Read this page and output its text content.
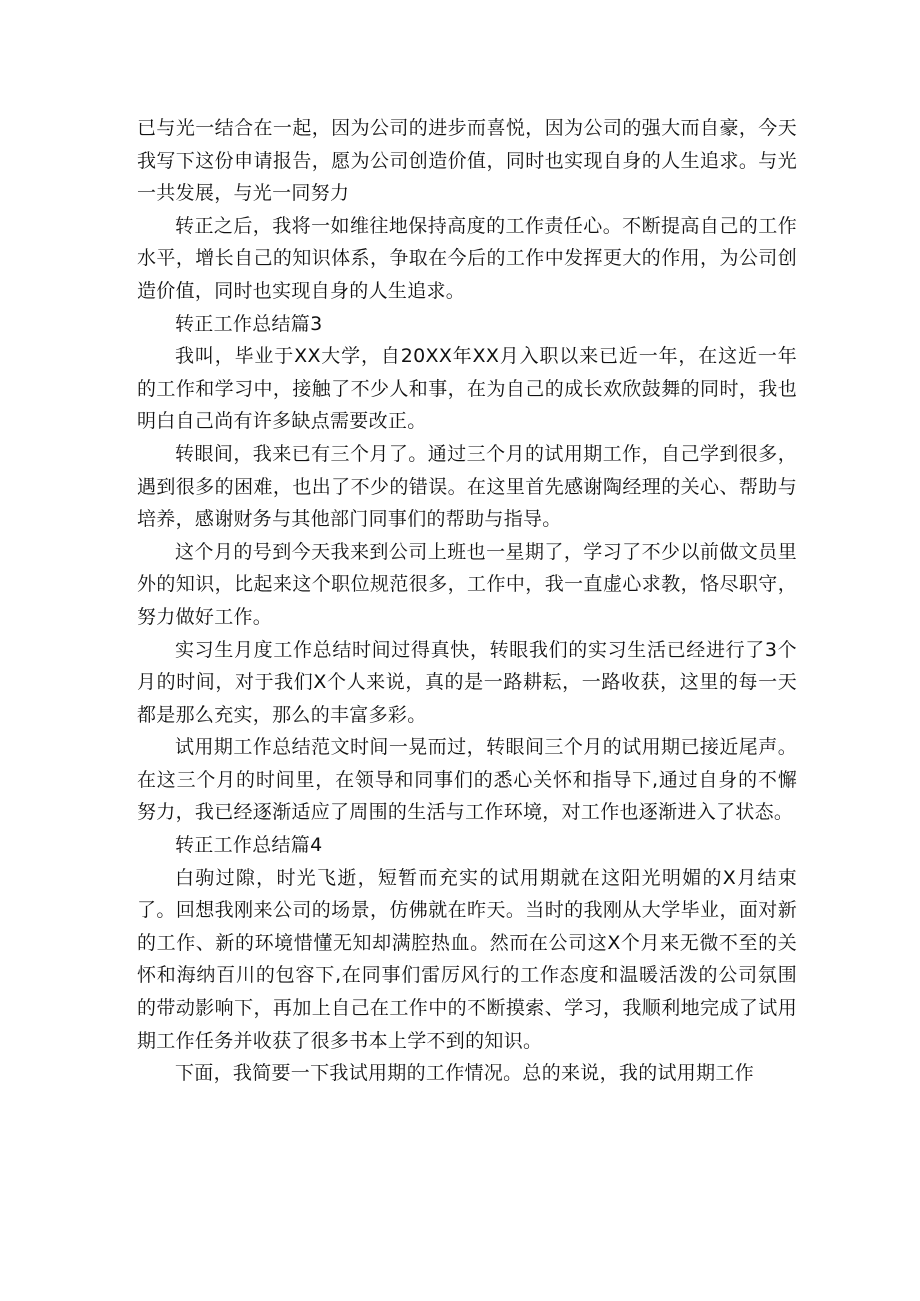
已与光一结合在一起，因为公司的进步而喜悦，因为公司的强大而自豪，今天我写下这份申请报告，愿为公司创造价值，同时也实现自身的人生追求。与光一共发展，与光一同努力

转正之后，我将一如维往地保持高度的工作责任心。不断提高自己的工作水平，增长自己的知识体系，争取在今后的工作中发挥更大的作用，为公司创造价值，同时也实现自身的人生追求。

转正工作总结篇3

我叫，毕业于XX大学，自20XX年XX月入职以来已近一年，在这近一年的工作和学习中，接触了不少人和事，在为自己的成长欢欣鼓舞的同时，我也明白自己尚有许多缺点需要改正。

转眼间，我来已有三个月了。通过三个月的试用期工作，自己学到很多，遇到很多的困难，也出了不少的错误。在这里首先感谢陶经理的关心、帮助与培养，感谢财务与其他部门同事们的帮助与指导。

这个月的号到今天我来到公司上班也一星期了，学习了不少以前做文员里外的知识，比起来这个职位规范很多，工作中，我一直虚心求教，恪尽职守，努力做好工作。

实习生月度工作总结时间过得真快，转眼我们的实习生活已经进行了3个月的时间，对于我们X个人来说，真的是一路耕耘，一路收获，这里的每一天都是那么充实，那么的丰富多彩。

试用期工作总结范文时间一晃而过，转眼间三个月的试用期已接近尾声。在这三个月的时间里，在领导和同事们的悉心关怀和指导下,通过自身的不懈努力，我已经逐渐适应了周围的生活与工作环境，对工作也逐渐进入了状态。

转正工作总结篇4

白驹过隙，时光飞逝，短暂而充实的试用期就在这阳光明媚的X月结束了。回想我刚来公司的场景，仿佛就在昨天。当时的我刚从大学毕业，面对新的工作、新的环境惜懂无知却满腔热血。然而在公司这X个月来无微不至的关怀和海纳百川的包容下,在同事们雷厉风行的工作态度和温暖活泼的公司氛围的带动影响下，再加上自己在工作中的不断摸索、学习，我顺利地完成了试用期工作任务并收获了很多书本上学不到的知识。

下面，我简要一下我试用期的工作情况。总的来说，我的试用期工作
